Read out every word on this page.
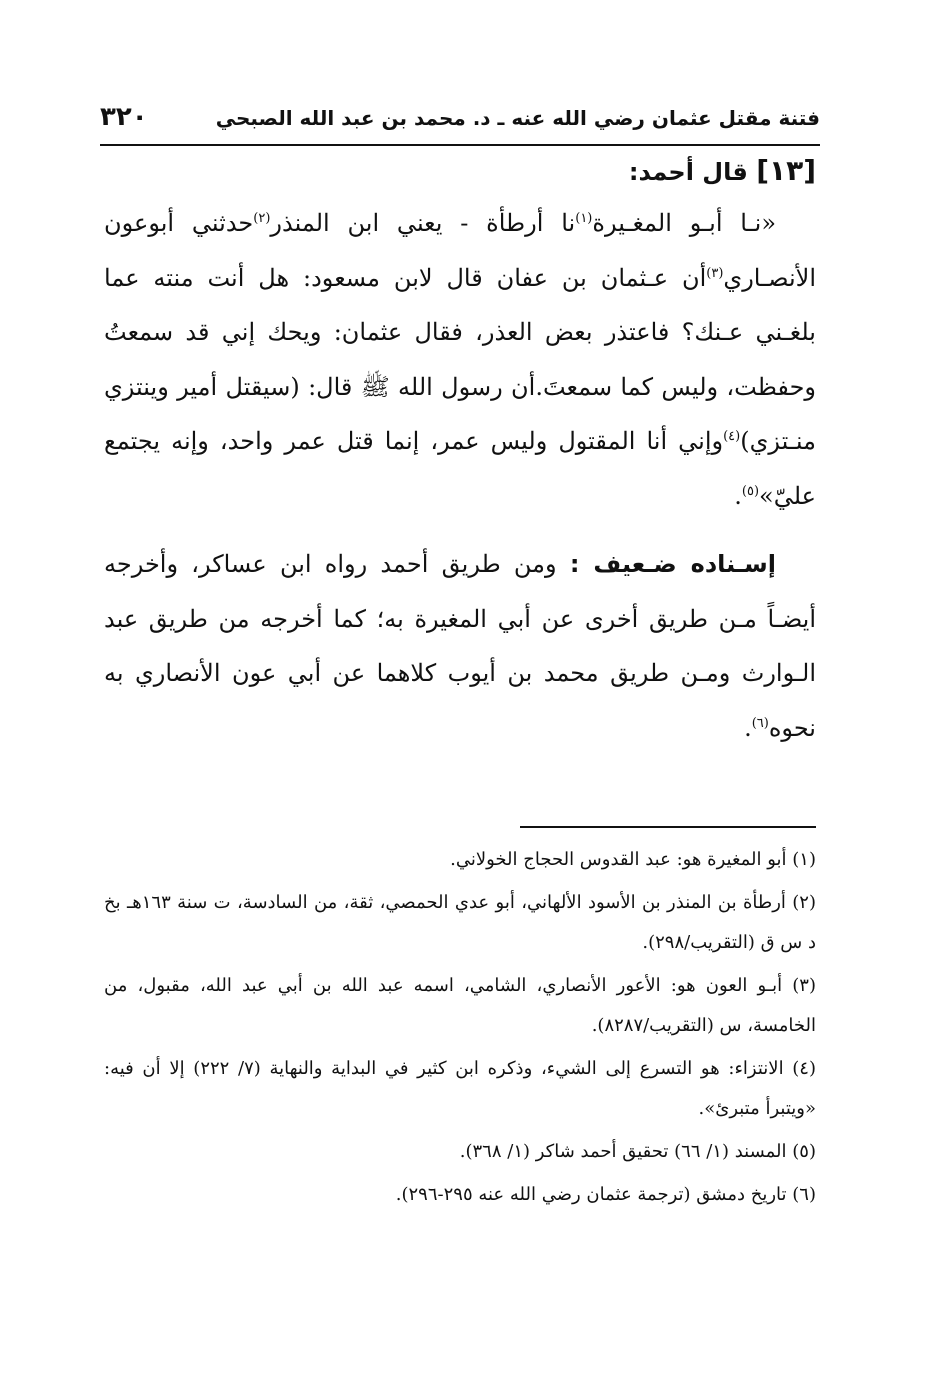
فتنة مقتل عثمان رضي الله عنه ـ د. محمد بن عبد الله الصبحي
٣٢٠
[١٣] قال أحمد:

«نـا أبـو المغـيرة$^{(١)}$نا أرطأة - يعني ابن المنذر$^{(٢)}$حدثني أبوعون الأنصـاري$^{(٣)}$أن عـثمان بن عفان قال لابن مسعود: هل أنت منته عما بلغـني عـنك؟ فاعتذر بعض العذر، فقال عثمان: ويحك إني قد سمعتُ وحفظت، وليس كما سمعتَ.أن رسول الله ﷺ قال: (سيقتل أمير وينتزي منـتزي)$^{(٤)}$وإني أنا المقتول وليس عمر، إنما قتل عمر واحد، وإنه يجتمع عليّ»$^{(٥)}$.

إسـناده ضـعيف : ومن طريق أحمد رواه ابن عساكر، وأخرجه أيضـاً مـن طريق أخرى عن أبي المغيرة به؛ كما أخرجه من طريق عبد الـوارث ومـن طريق محمد بن أيوب كلاهما عن أبي عون الأنصاري به نحوه$^{(٦)}$.

(١) أبو المغيرة هو: عبد القدوس الحجاج الخولاني.

(٢) أرطأة بن المنذر بن الأسود الألهاني، أبو عدي الحمصي، ثقة، من السادسة، ت سنة ١٦٣هـ بخ د س ق (التقريب/٢٩٨).

(٣) أبـو العون هو: الأعور الأنصاري، الشامي، اسمه عبد الله بن أبي عبد الله، مقبول، من الخامسة، س (التقريب/٨٢٨٧).

(٤) الانتزاء: هو التسرع إلى الشيء، وذكره ابن كثير في البداية والنهاية (٧/ ٢٢٢) إلا أن فيه: «ويتبرأ متبرئ».

(٥) المسند (١/ ٦٦) تحقيق أحمد شاكر (١/ ٣٦٨).

(٦) تاريخ دمشق (ترجمة عثمان رضي الله عنه ٢٩٥-٢٩٦).
